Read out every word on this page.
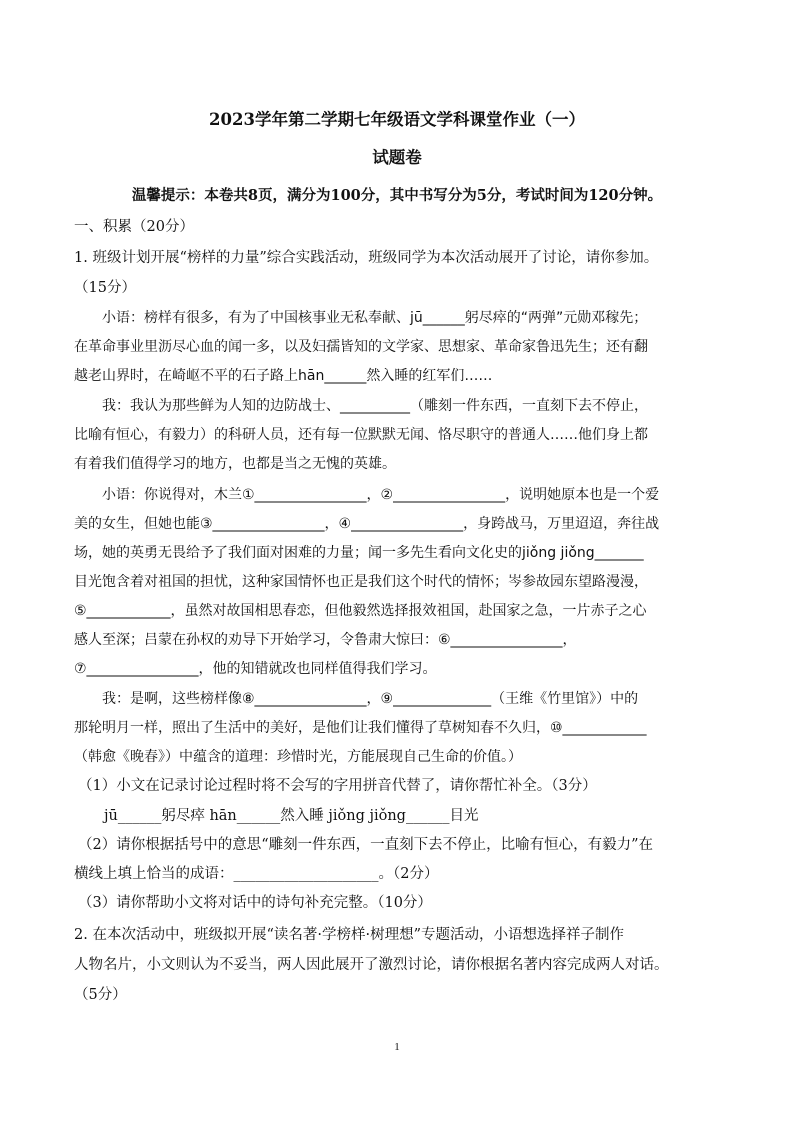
2023学年第二学期七年级语文学科课堂作业（一）
试题卷
温馨提示：本卷共8页，满分为100分，其中书写分为5分，考试时间为120分钟。
一、积累（20分）
1. 班级计划开展“榜样的力量”综合实践活动，班级同学为本次活动展开了讨论，请你参加。
（15分）
小语：榜样有很多，有为了中国核事业无私奉献、jū______躬尽瘁的“两弹”元勋邓稼先；
在革命事业里沥尽心血的闻一多，以及妇孺皆知的文学家、思想家、革命家鲁迅先生；还有翻
越老山界时，在崎岖不平的石子路上hān______然入睡的红军们……
我：我认为那些鲜为人知的边防战士、__________（雕刻一件东西，一直刻下去不停止，
比喻有恒心，有毅力）的科研人员，还有每一位默默无闻、恪尽职守的普通人……他们身上都
有着我们值得学习的地方，也都是当之无愧的英雄。
小语：你说得对，木兰①________________，②________________，说明她原本也是一个爱
美的女生，但她也能③________________，④________________，身跨战马，万里迢迢，奔往战
场，她的英勇无畏给予了我们面对困难的力量；闻一多先生看向文化史的jiǒng jiǒng_______
目光饱含着对祖国的担忧，这种家国情怀也正是我们这个时代的情怀；岑参故园东望路漫漫，
⑤____________，虽然对故国相思春恋，但他毅然选择报效祖国，赴国家之急，一片赤子之心
感人至深；吕蒙在孙权的劝导下开始学习，令鲁肃大惊曰：⑥________________，
⑦________________，他的知错就改也同样值得我们学习。
我：是啊，这些榜样像⑧________________，⑨______________（王维《竹里馆》）中的
那轮明月一样，照出了生活中的美好，是他们让我们懂得了草树知春不久归，⑩____________
（韩愈《晚春》）中蕴含的道理：珍惜时光，方能展现自己生命的价值。）
（1）小文在记录讨论过程时将不会写的字用拼音代替了，请你帮忙补全。（3分）
jū______躬尽瘁 hān______然入睡 jiǒng jiǒng______目光
（2）请你根据括号中的意思“雕刻一件东西，一直刻下去不停止，比喻有恒心，有毅力”在
横线上填上恰当的成语：____________________。（2分）
（3）请你帮助小文将对话中的诗句补充完整。（10分）
2. 在本次活动中，班级拟开展“读名著·学榜样·树理想”专题活动，小语想选择祥子制作
人物名片，小文则认为不妥当，两人因此展开了激烈讨论，请你根据名著内容完成两人对话。
（5分）
1
